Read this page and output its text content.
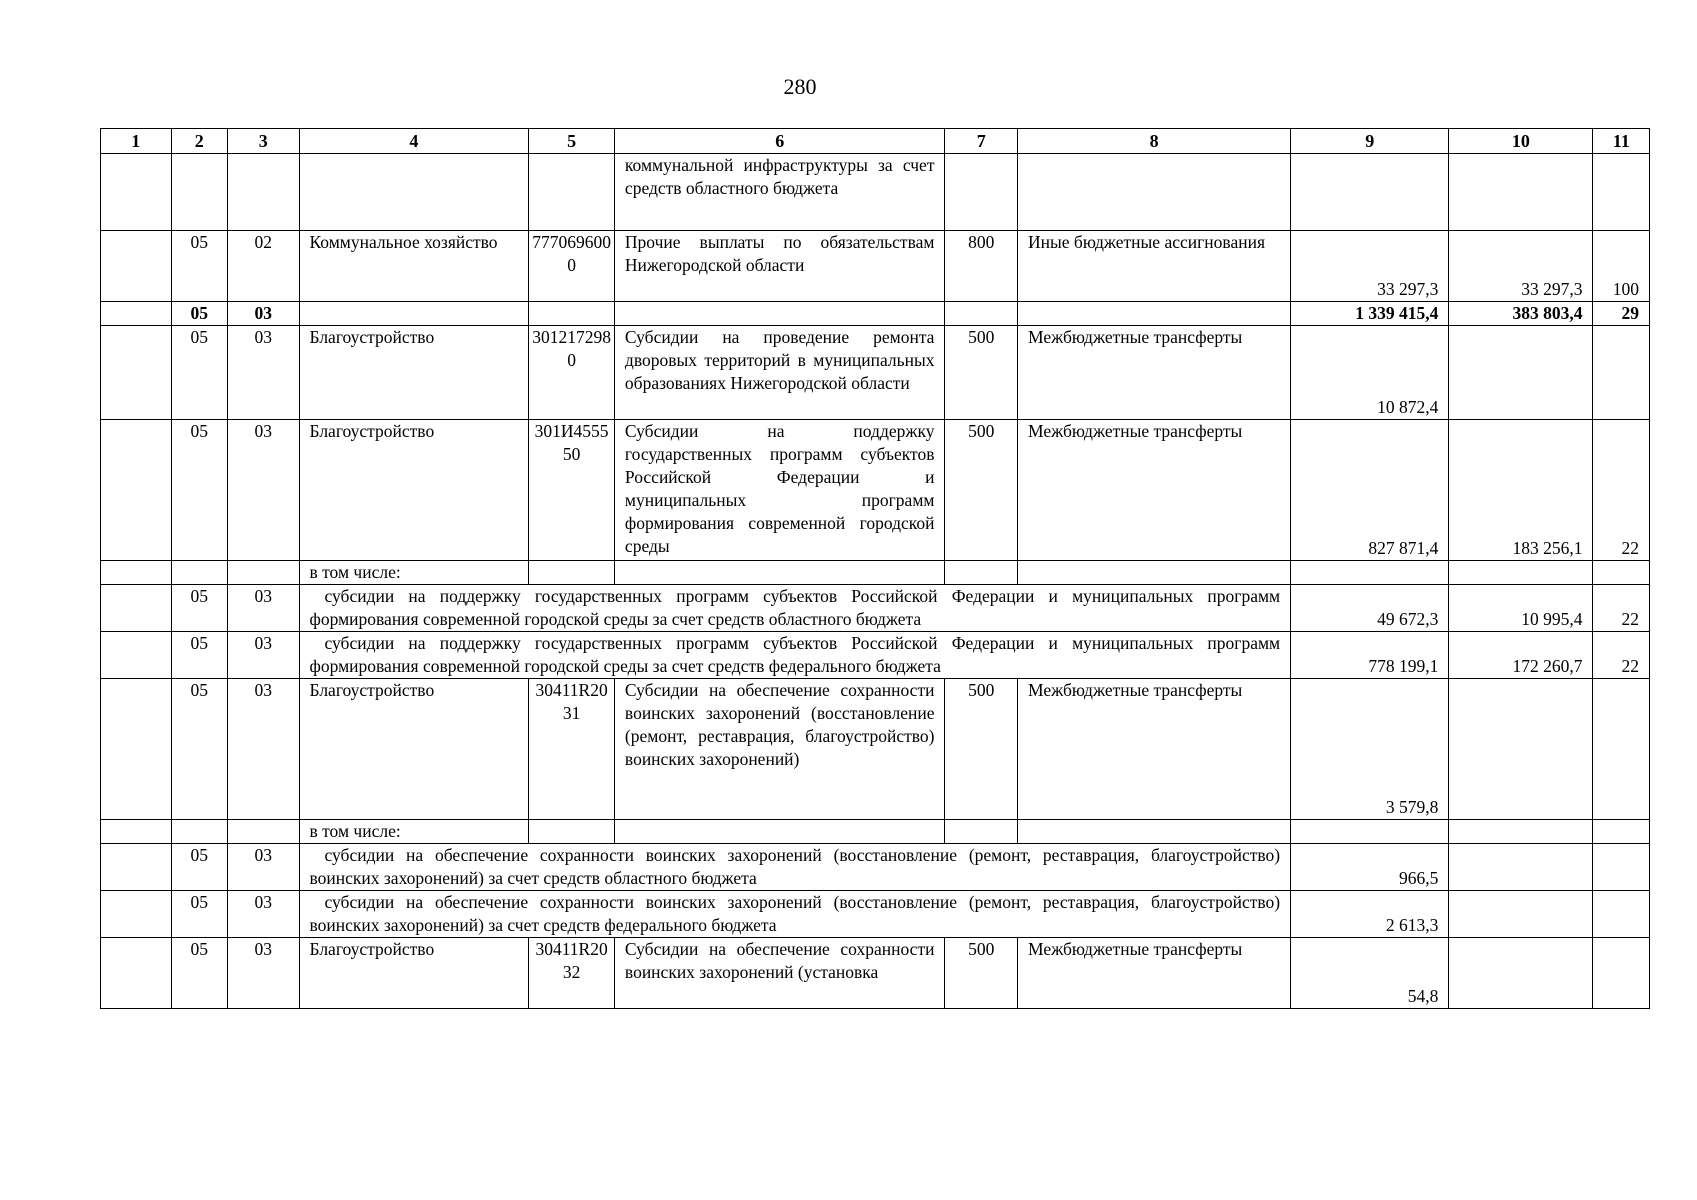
280
1	2	3	4	5	6	7	8	9	10	11
					коммунальной инфраструктуры за счет средств областного бюджета					
	05	02	Коммунальное хозяйство	7770696000	Прочие выплаты по обязательствам Нижегородской области	800	Иные бюджетные ассигнования	33 297,3	33 297,3	100
	05	03						1 339 415,4	383 803,4	29
	05	03	Благоустройство	3012172980	Субсидии на проведение ремонта дворовых территорий в муниципальных образованиях Нижегородской области	500	Межбюджетные трансферты	10 872,4		
	05	03	Благоустройство	301И455550	Субсидии на поддержку государственных программ субъектов Российской Федерации и муниципальных программ формирования современной городской среды	500	Межбюджетные трансферты	827 871,4	183 256,1	22
			в том числе:							
	05	03	субсидии на поддержку государственных программ субъектов Российской Федерации и муниципальных программ формирования современной городской среды за счет средств областного бюджета					49 672,3	10 995,4	22
	05	03	субсидии на поддержку государственных программ субъектов Российской Федерации и муниципальных программ формирования современной городской среды за счет средств федерального бюджета					778 199,1	172 260,7	22
	05	03	Благоустройство	30411R2031	Субсидии на обеспечение сохранности воинских захоронений (восстановление (ремонт, реставрация, благоустройство) воинских захоронений)	500	Межбюджетные трансферты	3 579,8		
			в том числе:							
	05	03	субсидии на обеспечение сохранности воинских захоронений (восстановление (ремонт, реставрация, благоустройство) воинских захоронений) за счет средств областного бюджета					966,5		
	05	03	субсидии на обеспечение сохранности воинских захоронений (восстановление (ремонт, реставрация, благоустройство) воинских захоронений) за счет средств федерального бюджета					2 613,3		
	05	03	Благоустройство	30411R2032	Субсидии на обеспечение сохранности воинских захоронений (установка	500	Межбюджетные трансферты	54,8		
